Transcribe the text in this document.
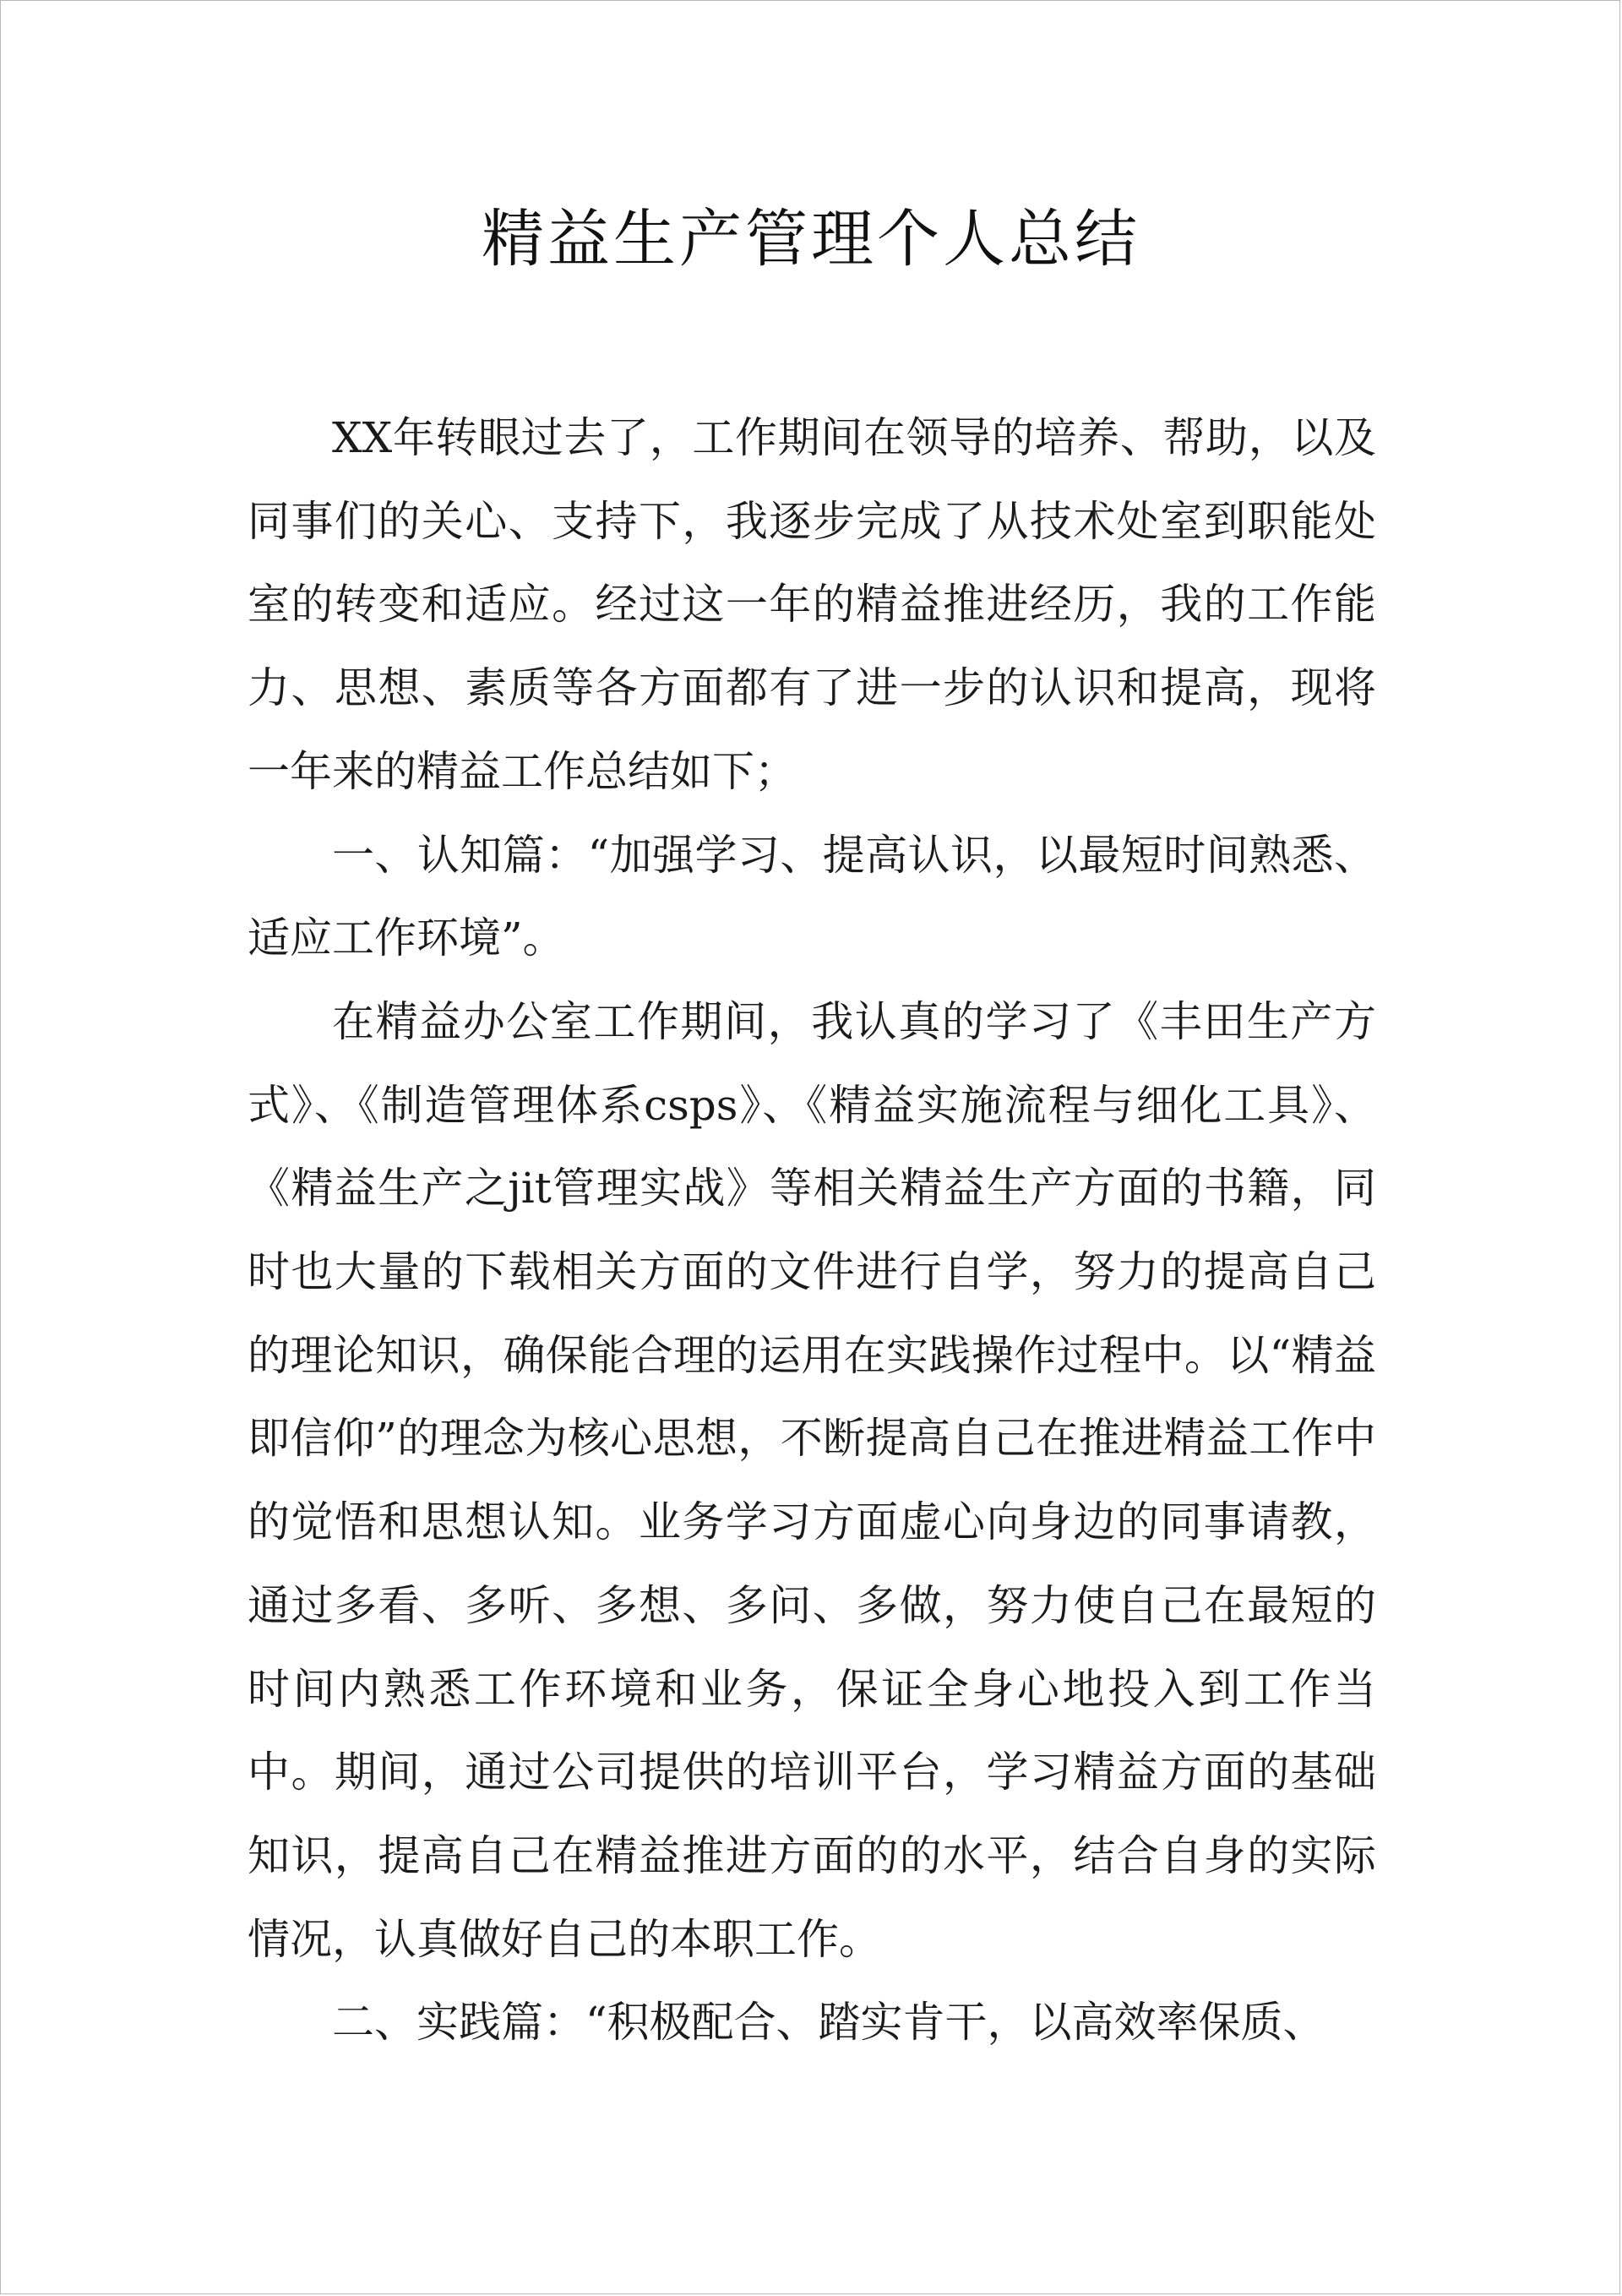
精益生产管理个人总结

XX年转眼过去了，工作期间在领导的培养、帮助，以及同事们的关心、支持下，我逐步完成了从技术处室到职能处室的转变和适应。经过这一年的精益推进经历，我的工作能力、思想、素质等各方面都有了进一步的认识和提高，现将一年来的精益工作总结如下；

一、认知篇：“加强学习、提高认识，以最短时间熟悉、适应工作环境”。

在精益办公室工作期间，我认真的学习了《丰田生产方式》、《制造管理体系csps》、《精益实施流程与细化工具》、《精益生产之jit管理实战》等相关精益生产方面的书籍，同时也大量的下载相关方面的文件进行自学，努力的提高自己的理论知识，确保能合理的运用在实践操作过程中。以“精益即信仰”的理念为核心思想，不断提高自己在推进精益工作中的觉悟和思想认知。业务学习方面虚心向身边的同事请教，通过多看、多听、多想、多问、多做，努力使自己在最短的时间内熟悉工作环境和业务，保证全身心地投入到工作当中。期间，通过公司提供的培训平台，学习精益方面的基础知识，提高自己在精益推进方面的的水平，结合自身的实际情况，认真做好自己的本职工作。

二、实践篇：“积极配合、踏实肯干，以高效率保质、
